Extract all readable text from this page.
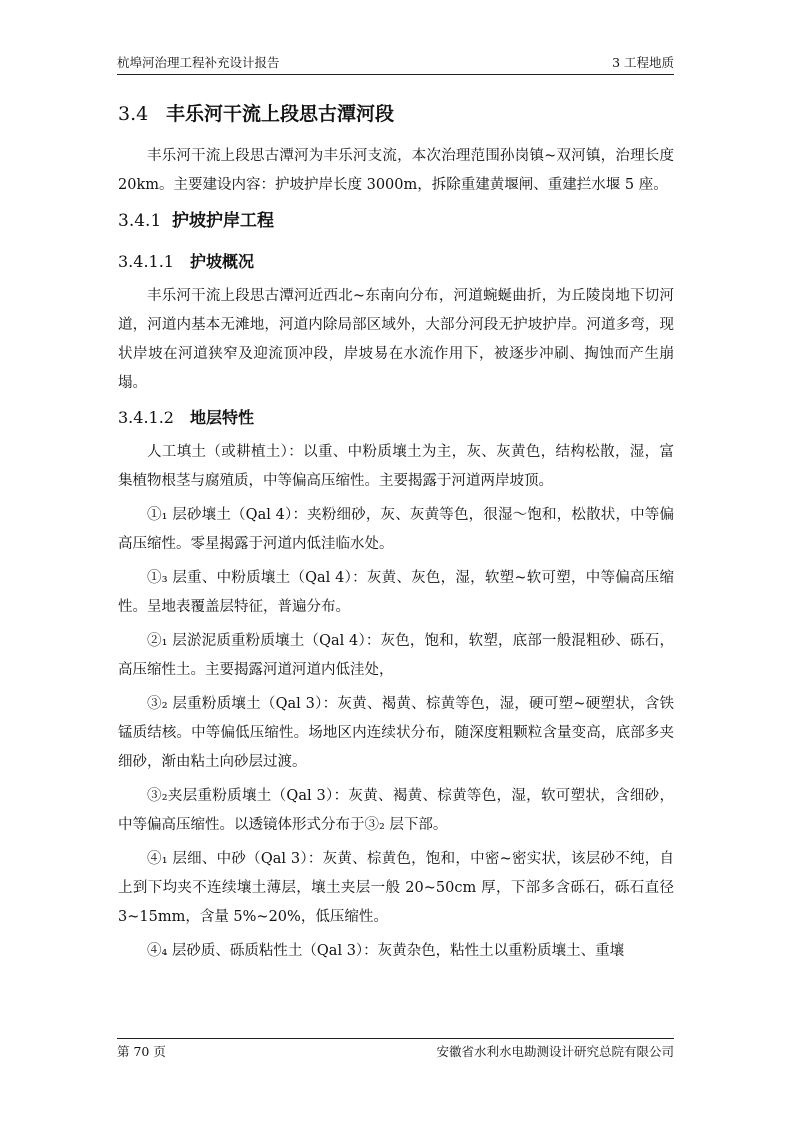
杭埠河治理工程补充设计报告	3 工程地质
3.4 丰乐河干流上段思古潭河段

丰乐河干流上段思古潭河为丰乐河支流，本次治理范围孙岗镇~双河镇，治理长度 20km。主要建设内容：护坡护岸长度 3000m，拆除重建黄堰闸、重建拦水堰 5 座。

3.4.1 护坡护岸工程
3.4.1.1 护坡概况

丰乐河干流上段思古潭河近西北~东南向分布，河道蜿蜒曲折，为丘陵岗地下切河道，河道内基本无滩地，河道内除局部区域外，大部分河段无护坡护岸。河道多弯，现状岸坡在河道狭窄及迎流顶冲段，岸坡易在水流作用下，被逐步冲刷、掏蚀而产生崩塌。

3.4.1.2 地层特性

人工填土（或耕植土）：以重、中粉质壤土为主，灰、灰黄色，结构松散，湿，富集植物根茎与腐殖质，中等偏高压缩性。主要揭露于河道两岸坡顶。

①₁ 层砂壤土（Qal 4）：夹粉细砂，灰、灰黄等色，很湿～饱和，松散状，中等偏高压缩性。零星揭露于河道内低洼临水处。

①₃ 层重、中粉质壤土（Qal 4）：灰黄、灰色，湿，软塑~软可塑，中等偏高压缩性。呈地表覆盖层特征，普遍分布。

②₁ 层淤泥质重粉质壤土（Qal 4）：灰色，饱和，软塑，底部一般混粗砂、砾石，高压缩性土。主要揭露河道河道内低洼处，

③₂ 层重粉质壤土（Qal 3）：灰黄、褐黄、棕黄等色，湿，硬可塑~硬塑状，含铁锰质结核。中等偏低压缩性。场地区内连续状分布，随深度粗颗粒含量变高，底部多夹细砂，渐由粘土向砂层过渡。

③₂夹层重粉质壤土（Qal 3）：灰黄、褐黄、棕黄等色，湿，软可塑状，含细砂，中等偏高压缩性。以透镜体形式分布于③₂ 层下部。

④₁ 层细、中砂（Qal 3）：灰黄、棕黄色，饱和，中密~密实状，该层砂不纯，自上到下均夹不连续壤土薄层，壤土夹层一般 20~50cm 厚，下部多含砾石，砾石直径 3~15mm，含量 5%~20%，低压缩性。

④₄ 层砂质、砾质粘性土（Qal 3）：灰黄杂色，粘性土以重粉质壤土、重壤

第 70 页	安徽省水利水电勘测设计研究总院有限公司
